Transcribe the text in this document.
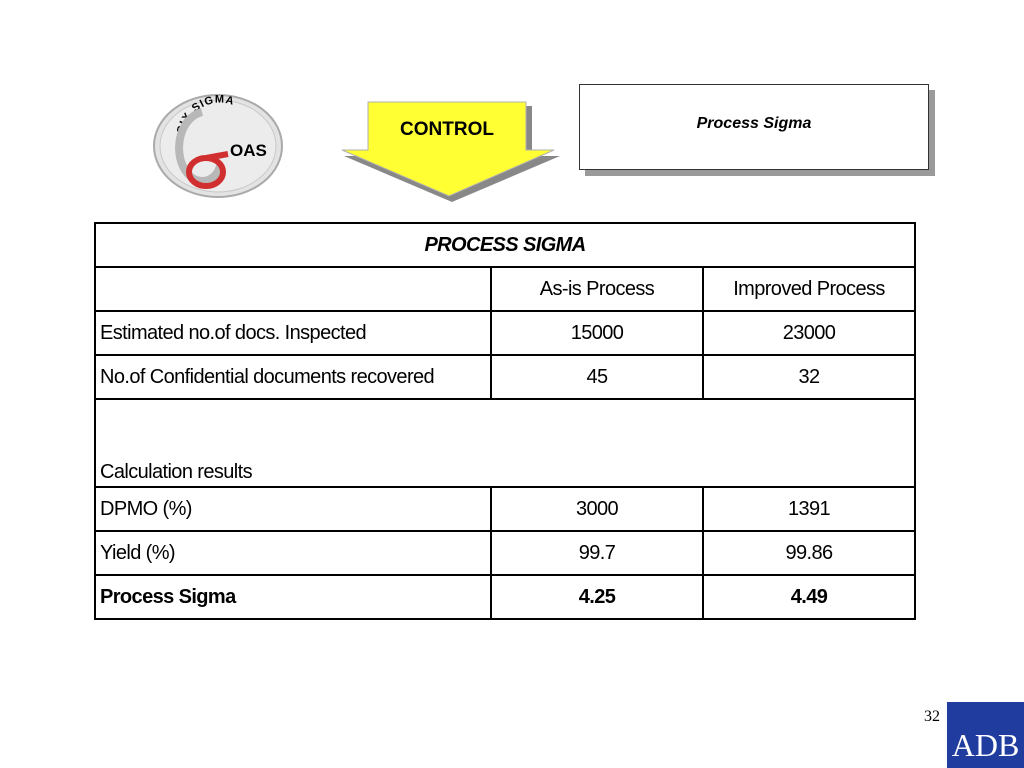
SIX SIGMA
OAS
CONTROL	Process Sigma
PROCESS SIGMA		
	As-is Process	Improved Process
Estimated no.of docs. Inspected	15000	23000
No.of Confidential documents recovered	45	32
Calculation results		
DPMO (%)	3000	1391
Yield (%)	99.7	99.86
Process Sigma	4.25	4.49
32
ADB
